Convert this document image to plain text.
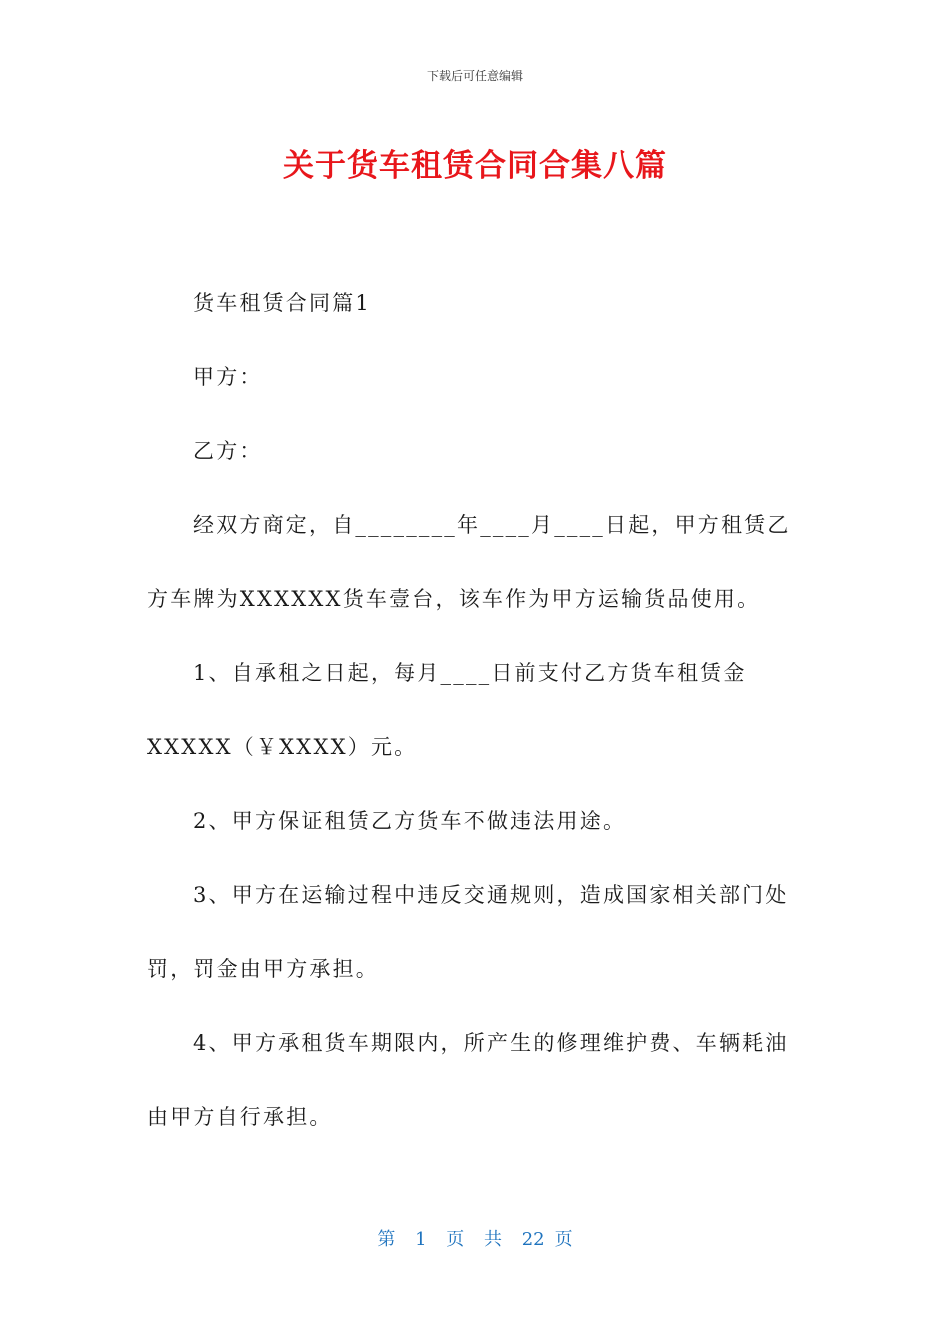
下载后可任意编辑
关于货车租赁合同合集八篇

货车租赁合同篇1

甲方：

乙方：

经双方商定，自________年____月____日起，甲方租赁乙方车牌为XXXXXX货车壹台，该车作为甲方运输货品使用。

1、自承租之日起，每月____日前支付乙方货车租赁金XXXXX（￥XXXX）元。

2、甲方保证租赁乙方货车不做违法用途。

3、甲方在运输过程中违反交通规则，造成国家相关部门处罚，罚金由甲方承担。

4、甲方承租货车期限内，所产生的修理维护费、车辆耗油由甲方自行承担。

第 1 页 共 22 页
